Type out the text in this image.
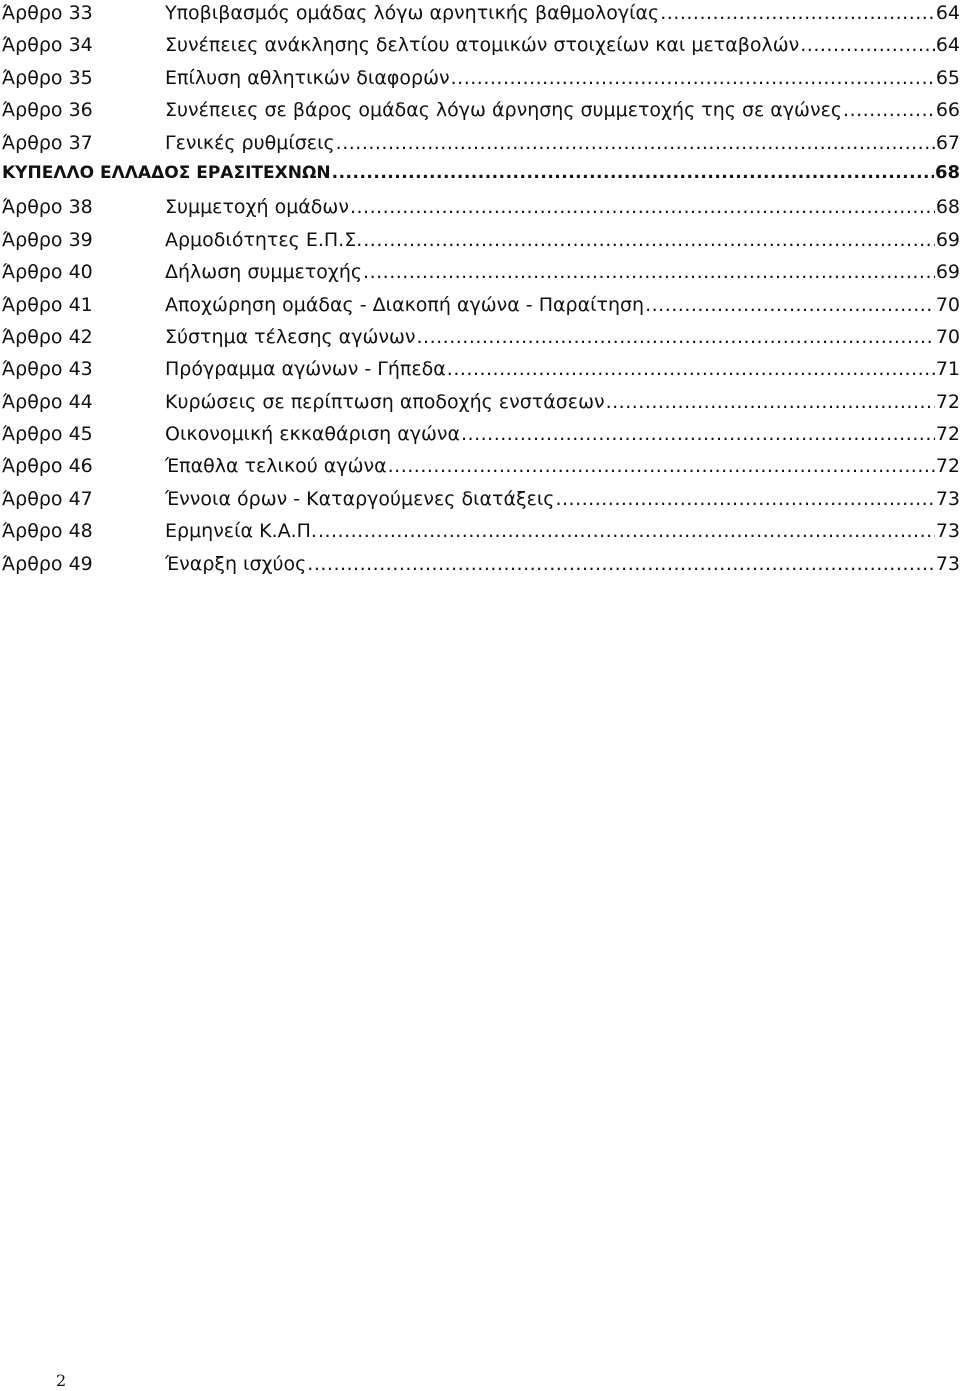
Άρθρο 33	Υποβιβασμός ομάδας λόγω αρνητικής βαθμολογίας .....	64
Άρθρο 34	Συνέπειες ανάκλησης δελτίου ατομικών στοιχείων και μεταβολών .....	64
Άρθρο 35	Επίλυση αθλητικών διαφορών .....	65
Άρθρο 36	Συνέπειες σε βάρος ομάδας λόγω άρνησης συμμετοχής της σε αγώνες .....	66
Άρθρο 37	Γενικές ρυθμίσεις .....	67
ΚΥΠΕΛΛΟ ΕΛΛΑΔΟΣ ΕΡΑΣΙΤΕΧΝΩΝ .....	68
Άρθρο 38	Συμμετοχή ομάδων .....	68
Άρθρο 39	Αρμοδιότητες Ε.Π.Σ. .....	69
Άρθρο 40	Δήλωση συμμετοχής .....	69
Άρθρο 41	Αποχώρηση ομάδας - Διακοπή αγώνα - Παραίτηση .....	70
Άρθρο 42	Σύστημα τέλεσης αγώνων .....	70
Άρθρο 43	Πρόγραμμα αγώνων - Γήπεδα .....	71
Άρθρο 44	Κυρώσεις σε περίπτωση αποδοχής ενστάσεων .....	72
Άρθρο 45	Οικονομική εκκαθάριση αγώνα .....	72
Άρθρο 46	Έπαθλα τελικού αγώνα .....	72
Άρθρο 47	Έννοια όρων - Καταργούμενες διατάξεις .....	73
Άρθρο 48	Ερμηνεία Κ.Α.Π. .....	73
Άρθρο 49	Έναρξη ισχύος .....	73
2
